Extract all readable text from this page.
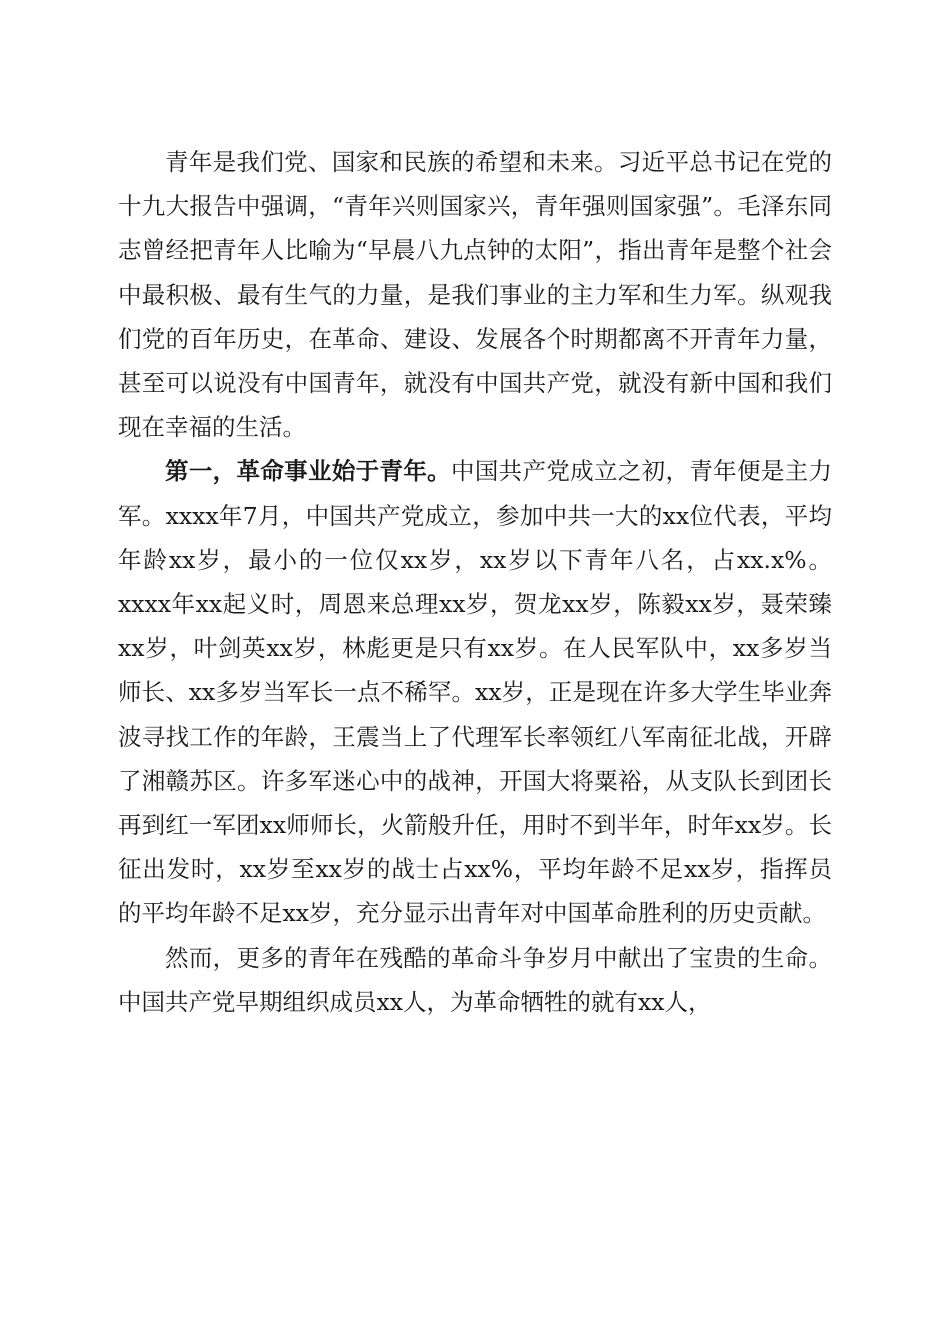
青年是我们党、国家和民族的希望和未来。习近平总书记在党的十九大报告中强调，“青年兴则国家兴，青年强则国家强”。毛泽东同志曾经把青年人比喻为“早晨八九点钟的太阳”，指出青年是整个社会中最积极、最有生气的力量，是我们事业的主力军和生力军。纵观我们党的百年历史，在革命、建设、发展各个时期都离不开青年力量，甚至可以说没有中国青年，就没有中国共产党，就没有新中国和我们现在幸福的生活。

第一，革命事业始于青年。中国共产党成立之初，青年便是主力军。xxxx年7月，中国共产党成立，参加中共一大的xx位代表，平均年龄xx岁，最小的一位仅xx岁，xx岁以下青年八名，占xx.x%。xxxx年xx起义时，周恩来总理xx岁，贺龙xx岁，陈毅xx岁，聂荣臻xx岁，叶剑英xx岁，林彪更是只有xx岁。在人民军队中，xx多岁当师长、xx多岁当军长一点不稀罕。xx岁，正是现在许多大学生毕业奔波寻找工作的年龄，王震当上了代理军长率领红八军南征北战，开辟了湘赣苏区。许多军迷心中的战神，开国大将粟裕，从支队长到团长再到红一军团xx师师长，火箭般升任，用时不到半年，时年xx岁。长征出发时，xx岁至xx岁的战士占xx%，平均年龄不足xx岁，指挥员的平均年龄不足xx岁，充分显示出青年对中国革命胜利的历史贡献。

然而，更多的青年在残酷的革命斗争岁月中献出了宝贵的生命。中国共产党早期组织成员xx人，为革命牺牲的就有xx人，
